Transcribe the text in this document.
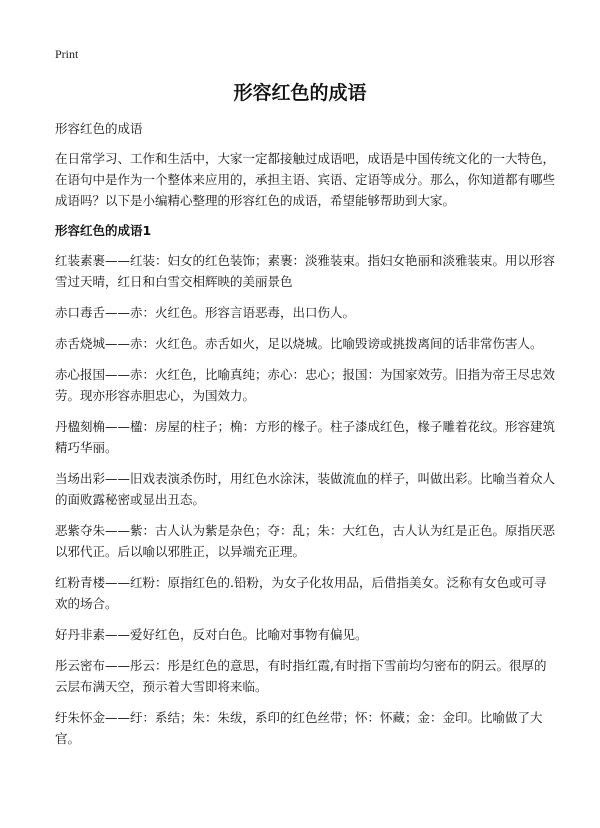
Print
形容红色的成语

形容红色的成语

在日常学习、工作和生活中，大家一定都接触过成语吧，成语是中国传统文化的一大特色，在语句中是作为一个整体来应用的，承担主语、宾语、定语等成分。那么，你知道都有哪些成语吗？以下是小编精心整理的形容红色的成语，希望能够帮助到大家。

形容红色的成语1

红装素裹——红装：妇女的红色装饰；素裹：淡雅装束。指妇女艳丽和淡雅装束。用以形容雪过天晴，红日和白雪交相辉映的美丽景色

赤口毒舌——赤：火红色。形容言语恶毒，出口伤人。

赤舌烧城——赤：火红色。赤舌如火，足以烧城。比喻毁谤或挑拨离间的话非常伤害人。

赤心报国——赤：火红色，比喻真纯；赤心：忠心；报国：为国家效劳。旧指为帝王尽忠效劳。现亦形容赤胆忠心，为国效力。

丹楹刻桷——楹：房屋的柱子；桷：方形的椽子。柱子漆成红色，椽子雕着花纹。形容建筑精巧华丽。

当场出彩——旧戏表演杀伤时，用红色水涂沫，装做流血的样子，叫做出彩。比喻当着众人的面败露秘密或显出丑态。

恶紫夺朱——紫：古人认为紫是杂色；夺：乱；朱：大红色，古人认为红是正色。原指厌恶以邪代正。后以喻以邪胜正，以异端充正理。

红粉青楼——红粉：原指红色的.铅粉，为女子化妆用品，后借指美女。泛称有女色或可寻欢的场合。

好丹非素——爱好红色，反对白色。比喻对事物有偏见。

彤云密布——彤云：彤是红色的意思，有时指红霞,有时指下雪前均匀密布的阴云。很厚的云层布满天空，预示着大雪即将来临。

纡朱怀金——纡：系结；朱：朱绂，系印的红色丝带；怀：怀藏；金：金印。比喻做了大官。
